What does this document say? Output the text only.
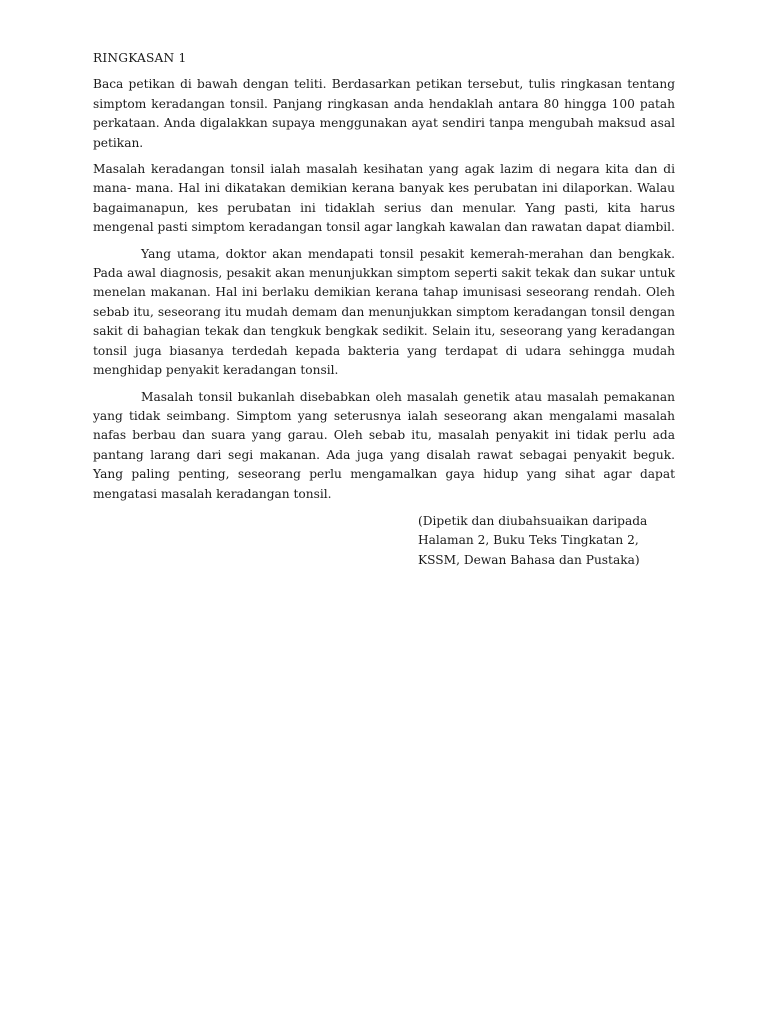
RINGKASAN 1

Baca petikan di bawah dengan teliti. Berdasarkan petikan tersebut, tulis ringkasan tentang simptom keradangan tonsil. Panjang ringkasan anda hendaklah antara 80 hingga 100 patah perkataan. Anda digalakkan supaya menggunakan ayat sendiri tanpa mengubah maksud asal petikan.

Masalah keradangan tonsil ialah masalah kesihatan yang agak lazim di negara kita dan di mana- mana. Hal ini dikatakan demikian kerana banyak kes perubatan ini dilaporkan. Walau bagaimanapun, kes perubatan ini tidaklah serius dan menular. Yang pasti, kita harus mengenal pasti simptom keradangan tonsil agar langkah kawalan dan rawatan dapat diambil.

Yang utama, doktor akan mendapati tonsil pesakit kemerah-merahan dan bengkak. Pada awal diagnosis, pesakit akan menunjukkan simptom seperti sakit tekak dan sukar untuk menelan makanan. Hal ini berlaku demikian kerana tahap imunisasi seseorang rendah. Oleh sebab itu, seseorang itu mudah demam dan menunjukkan simptom keradangan tonsil dengan sakit di bahagian tekak dan tengkuk bengkak sedikit. Selain itu, seseorang yang keradangan tonsil juga biasanya terdedah kepada bakteria yang terdapat di udara sehingga mudah menghidap penyakit keradangan tonsil.

Masalah tonsil bukanlah disebabkan oleh masalah genetik atau masalah pemakanan yang tidak seimbang. Simptom yang seterusnya ialah seseorang akan mengalami masalah nafas berbau dan suara yang garau. Oleh sebab itu, masalah penyakit ini tidak perlu ada pantang larang dari segi makanan. Ada juga yang disalah rawat sebagai penyakit beguk. Yang paling penting, seseorang perlu mengamalkan gaya hidup yang sihat agar dapat mengatasi masalah keradangan tonsil.

(Dipetik dan diubahsuaikan daripada
Halaman 2, Buku Teks Tingkatan 2,
KSSM, Dewan Bahasa dan Pustaka)
